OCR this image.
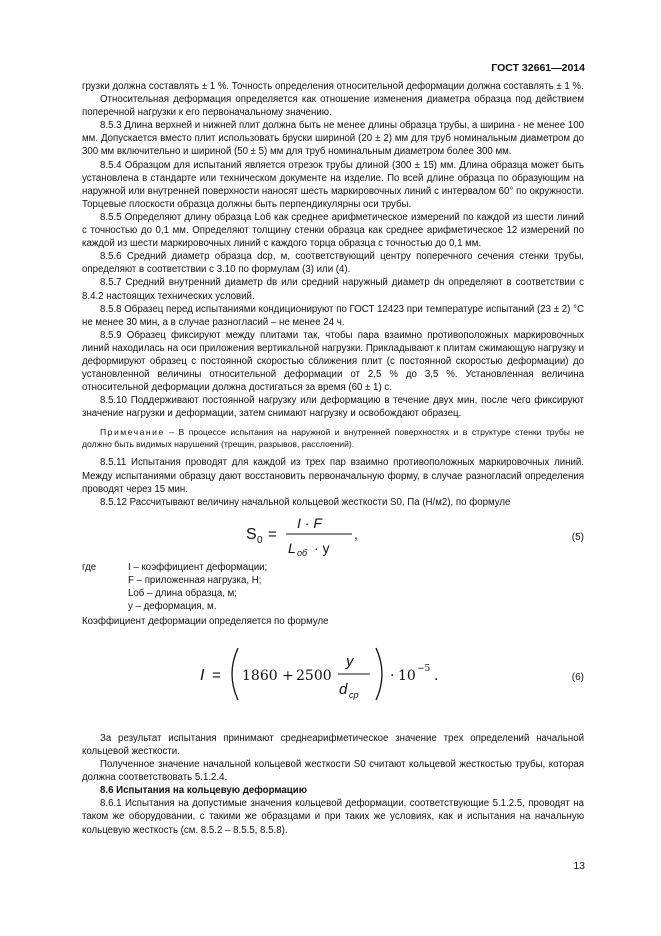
ГОСТ 32661—2014

грузки должна составлять ± 1 %. Точность определения относительной деформации должна составлять ± 1 %.

Относительная деформация определяется как отношение изменения диаметра образца под действием поперечной нагрузки к его первоначальному значению.

8.5.3 Длина верхней и нижней плит должна быть не менее длины образца трубы, а ширина - не менее 100 мм. Допускается вместо плит использовать бруски шириной (20 ± 2) мм для труб номинальным диаметром до 300 мм включительно и шириной (50 ± 5) мм для труб номинальным диаметром более 300 мм.

8.5.4 Образцом для испытаний является отрезок трубы длиной (300 ± 15) мм. Длина образца может быть установлена в стандарте или техническом документе на изделие. По всей длине образца по образующим на наружной или внутренней поверхности наносят шесть маркировочных линий с интервалом 60° по окружности. Торцевые плоскости образца должны быть перпендикулярны оси трубы.

8.5.5 Определяют длину образца Lоб как среднее арифметическое измерений по каждой из шести линий с точностью до 0,1 мм. Определяют толщину стенки образца как среднее арифметическое 12 измерений по каждой из шести маркировочных линий с каждого торца образца с точностью до 0,1 мм.

8.5.6 Средний диаметр образца dср, м, соответствующий центру поперечного сечения стенки трубы, определяют в соответствии с 3.10 по формулам (3) или (4).

8.5.7 Средний внутренний диаметр dв или средний наружный диаметр dн определяют в соответствии с 8.4.2 настоящих технических условий.

8.5.8 Образец перед испытаниями кондиционируют по ГОСТ 12423 при температуре испытаний (23 ± 2) °С не менее 30 мин, а в случае разногласий – не менее 24 ч.

8.5.9 Образец фиксируют между плитами так, чтобы пара взаимно противоположных маркировочных линий находилась на оси приложения вертикальной нагрузки. Прикладывают к плитам сжимающую нагрузку и деформируют образец с постоянной скоростью сближения плит (с постоянной скоростью деформации) до установленной величины относительной деформации от 2,5 % до 3,5 %. Установленная величина относительной деформации должна достигаться за время (60 ± 1) с.

8.5.10 Поддерживают постоянной нагрузку или деформацию в течение двух мин, после чего фиксируют значение нагрузки и деформации, затем снимают нагрузку и освобождают образец.

Примечание – В процессе испытания на наружной и внутренней поверхностях и в структуре стенки трубы не должно быть видимых нарушений (трещин, разрывов, расслоений).

8.5.11 Испытания проводят для каждой из трех пар взаимно противоположных маркировочных линий. Между испытаниями образцу дают восстановить первоначальную форму, в случае разногласий определения проводят через 15 мин.

8.5.12 Рассчитывают величину начальной кольцевой жесткости S0, Па (Н/м2), по формуле

S 0 =
I · F
L об · y
,	(5)
где	I – коэффициент деформации;
F – приложенная нагрузка, Н;
Lоб – длина образца, м;
y – деформация, м.

Коэффициент деформации определяется по формуле

I = 1860 + 2500
y
d ср
· 10 −5 .	(6)

За результат испытания принимают среднеарифметическое значение трех определений начальной кольцевой жесткости.

Полученное значение начальной кольцевой жесткости S0 считают кольцевой жесткостью трубы, которая должна соответствовать 5.1.2.4.

8.6 Испытания на кольцевую деформацию

8.6.1 Испытания на допустимые значения кольцевой деформации, соответствующие 5.1.2.5, проводят на таком же оборудовании, с такими же образцами и при таких же условиях, как и испытания на начальную кольцевую жесткость (см. 8.5.2 – 8.5.5, 8.5.8).

13
